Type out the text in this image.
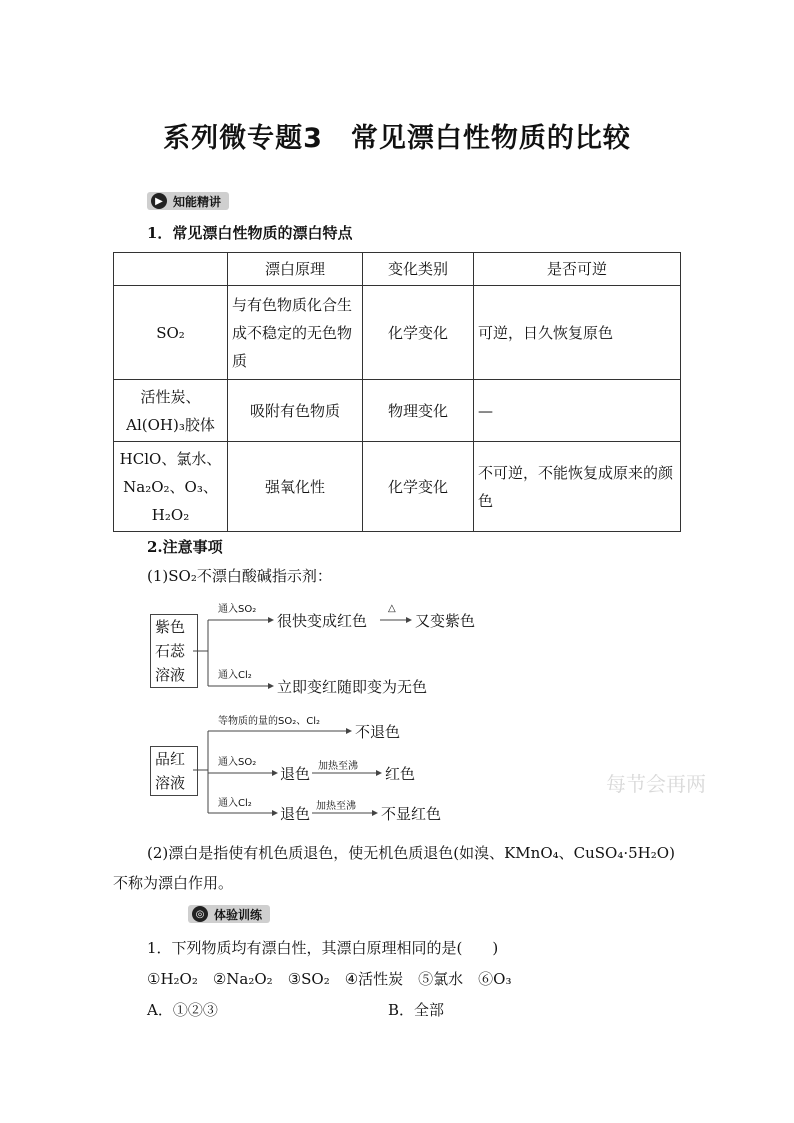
系列微专题3　常见漂白性物质的比较
▶ 知能精讲
1．常见漂白性物质的漂白特点
	漂白原理	变化类别	是否可逆
SO₂	与有色物质化合生成不稳定的无色物质	化学变化	可逆，日久恢复原色
活性炭、Al(OH)₃胶体	吸附有色物质	物理变化	—
HClO、氯水、Na₂O₂、O₃、H₂O₂	强氧化性	化学变化	不可逆，不能恢复成原来的颜色
2.注意事项
(1)SO₂不漂白酸碱指示剂：
紫色
石蕊
溶液
通入SO₂
很快变成红色
△
又变紫色
通入Cl₂
立即变红随即变为无色
品红
溶液
等物质的量的SO₂、Cl₂
不退色
通入SO₂
退色 加热至沸 红色
通入Cl₂
退色 加热至沸 不显红色
每节会再两
(2)漂白是指使有机色质退色，使无机色质退色(如溴、KMnO₄、CuSO₄·5H₂O)
不称为漂白作用。
◎ 体验训练
1．下列物质均有漂白性，其漂白原理相同的是(　　)
①H₂O₂　②Na₂O₂　③SO₂　④活性炭　⑤氯水　⑥O₃
A．①②③	B．全部
